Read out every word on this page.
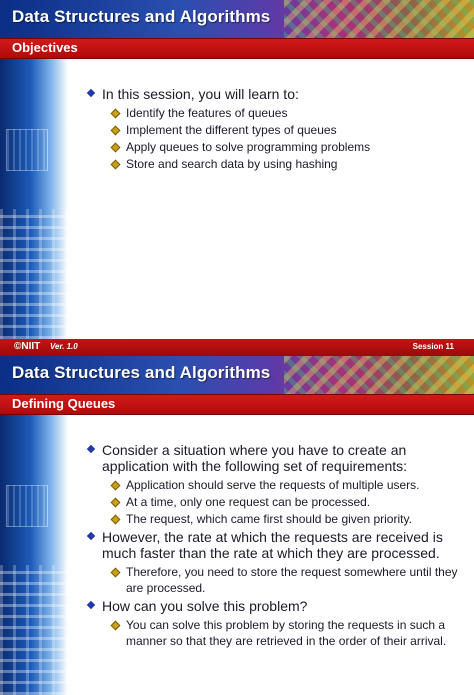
Data Structures and Algorithms
Objectives
In this session, you will learn to:
Identify the features of queues
Implement the different types of queues
Apply queues to solve programming problems
Store and search data by using hashing
©NIIT Ver. 1.0	Session 11
Data Structures and Algorithms
Defining Queues
Consider a situation where you have to create an application with the following set of requirements:
Application should serve the requests of multiple users.
At a time, only one request can be processed.
The request, which came first should be given priority.
However, the rate at which the requests are received is much faster than the rate at which they are processed.
Therefore, you need to store the request somewhere until they are processed.
How can you solve this problem?
You can solve this problem by storing the requests in such a manner so that they are retrieved in the order of their arrival.
